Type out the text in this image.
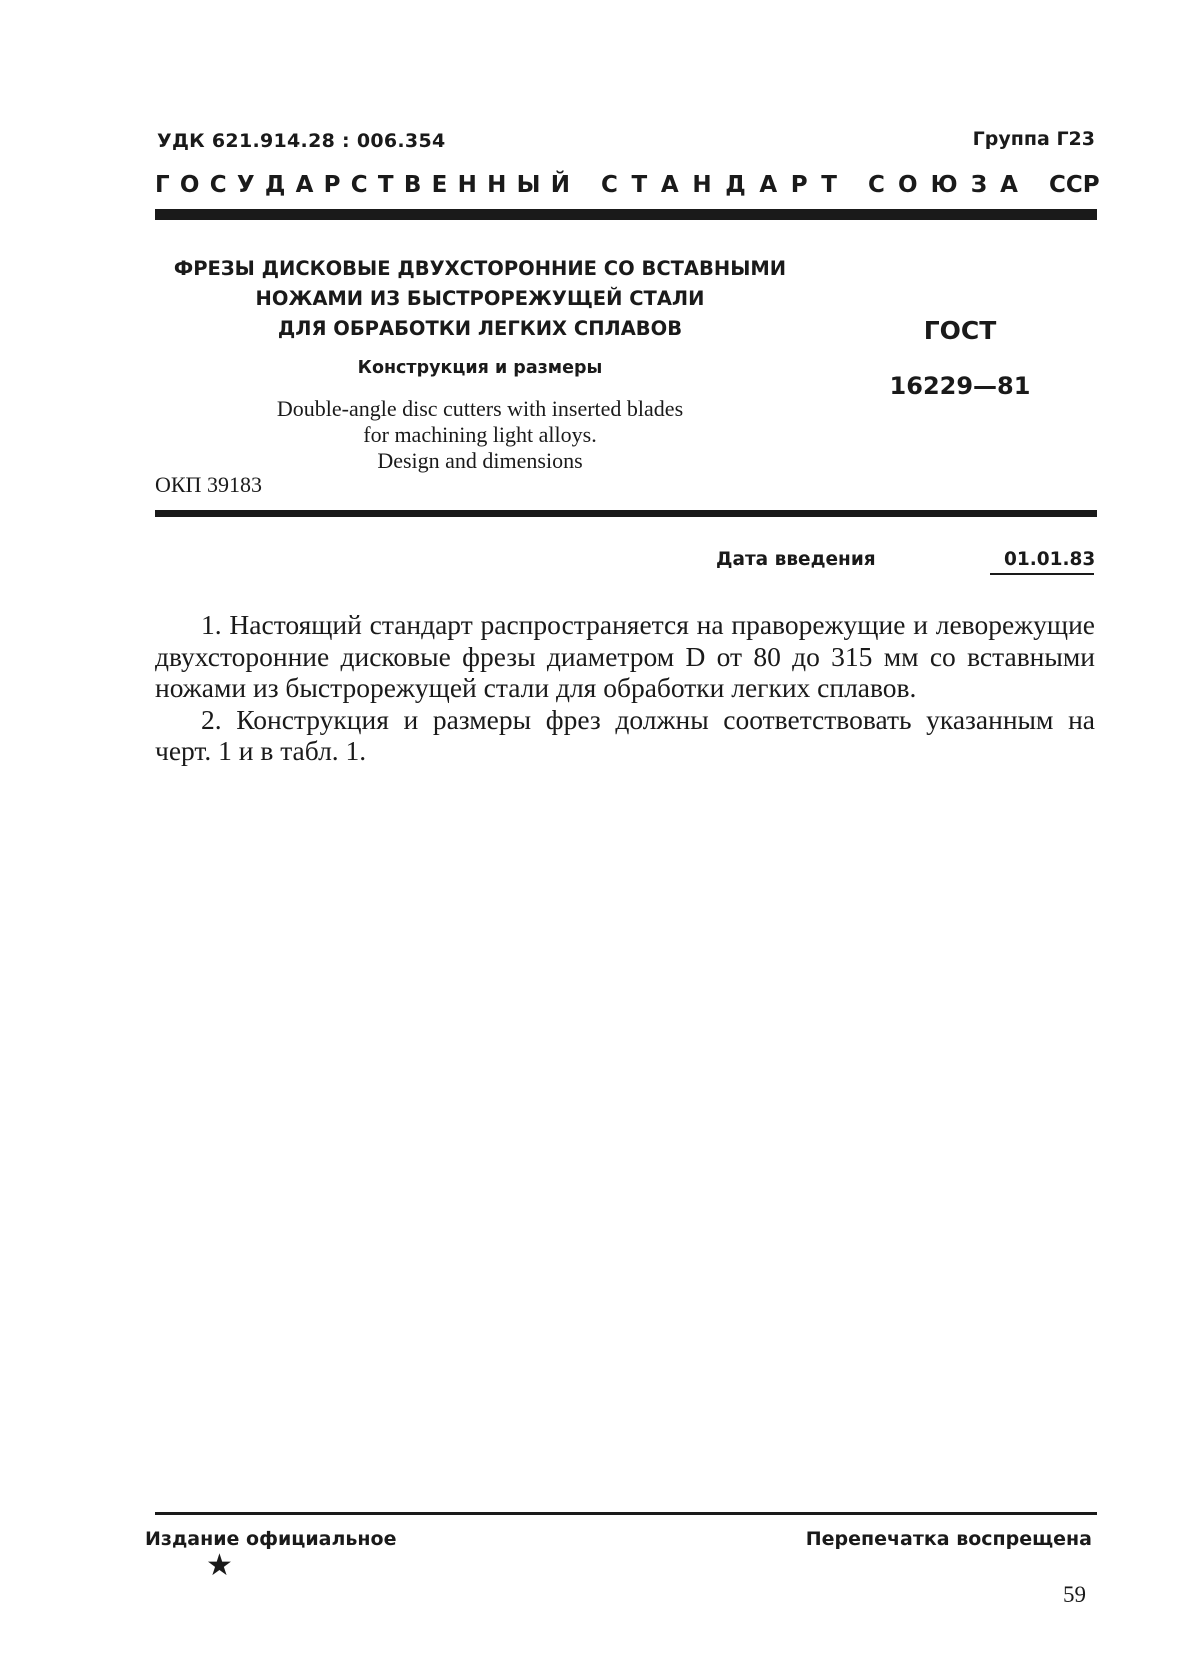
УДК 621.914.28 : 006.354	Группа Г23
Г О С У Д А Р С Т В Е Н Н Ы Й С Т А Н Д А Р Т С О Ю З А С С Р
ФРЕЗЫ ДИСКОВЫЕ ДВУХСТОРОННИЕ СО ВСТАВНЫМИ
НОЖАМИ ИЗ БЫСТРОРЕЖУЩЕЙ СТАЛИ
ДЛЯ ОБРАБОТКИ ЛЕГКИХ СПЛАВОВ
Конструкция и размеры
Double-angle disc cutters with inserted blades
for machining light alloys.
Design and dimensions
ОКП 39183
ГОСТ
16229—81
Дата введения	01.01.83

1. Настоящий стандарт распространяется на праворежущие и леворежущие двухсторонние дисковые фрезы диаметром D от 80 до 315 мм со вставными ножами из быстрорежущей стали для обработки легких сплавов.

2. Конструкция и размеры фрез должны соответствовать указанным на черт. 1 и в табл. 1.

Издание официальное
★
Перепечатка воспрещена
59
